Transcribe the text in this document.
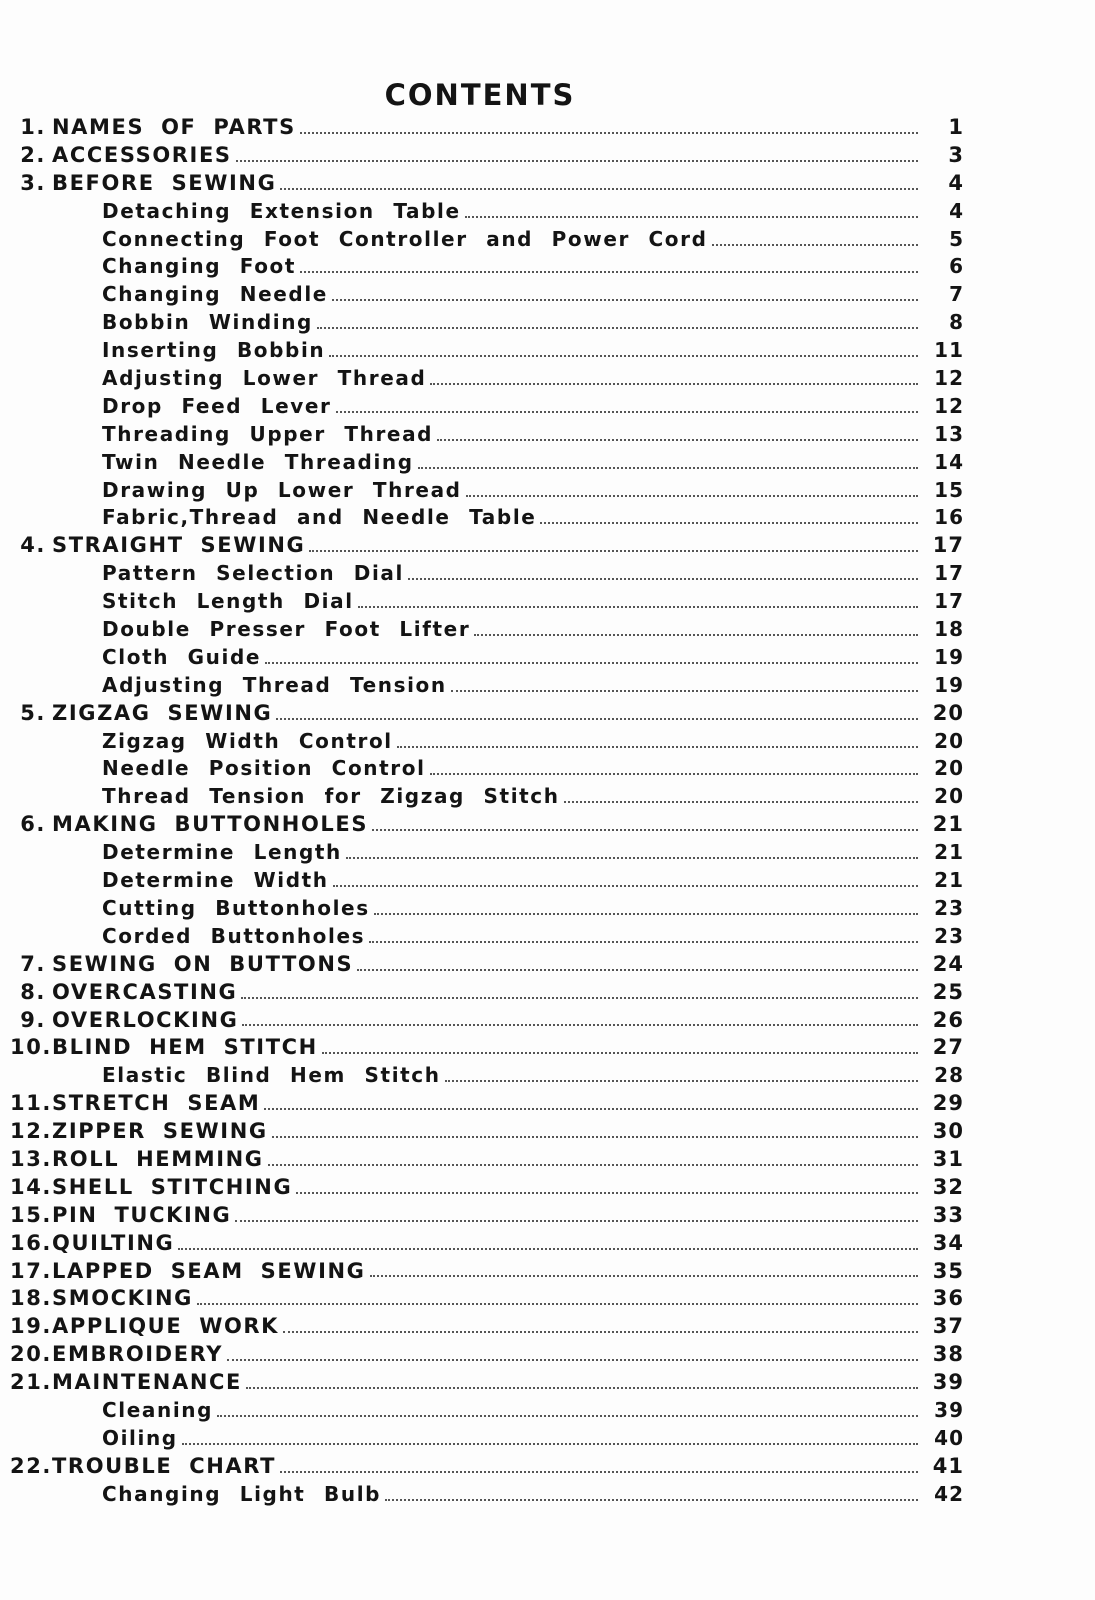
CONTENTS
1. NAMES OF PARTS	1
2. ACCESSORIES	3
3. BEFORE SEWING	4
Detaching Extension Table	4
Connecting Foot Controller and Power Cord	5
Changing Foot	6
Changing Needle	7
Bobbin Winding	8
Inserting Bobbin	11
Adjusting Lower Thread	12
Drop Feed Lever	12
Threading Upper Thread	13
Twin Needle Threading	14
Drawing Up Lower Thread	15
Fabric,Thread and Needle Table	16
4. STRAIGHT SEWING	17
Pattern Selection Dial	17
Stitch Length Dial	17
Double Presser Foot Lifter	18
Cloth Guide	19
Adjusting Thread Tension	19
5. ZIGZAG SEWING	20
Zigzag Width Control	20
Needle Position Control	20
Thread Tension for Zigzag Stitch	20
6. MAKING BUTTONHOLES	21
Determine Length	21
Determine Width	21
Cutting Buttonholes	23
Corded Buttonholes	23
7. SEWING ON BUTTONS	24
8. OVERCASTING	25
9. OVERLOCKING	26
10. BLIND HEM STITCH	27
Elastic Blind Hem Stitch	28
11. STRETCH SEAM	29
12. ZIPPER SEWING	30
13. ROLL HEMMING	31
14. SHELL STITCHING	32
15. PIN TUCKING	33
16. QUILTING	34
17. LAPPED SEAM SEWING	35
18. SMOCKING	36
19. APPLIQUE WORK	37
20. EMBROIDERY	38
21. MAINTENANCE	39
Cleaning	39
Oiling	40
22. TROUBLE CHART	41
Changing Light Bulb	42
